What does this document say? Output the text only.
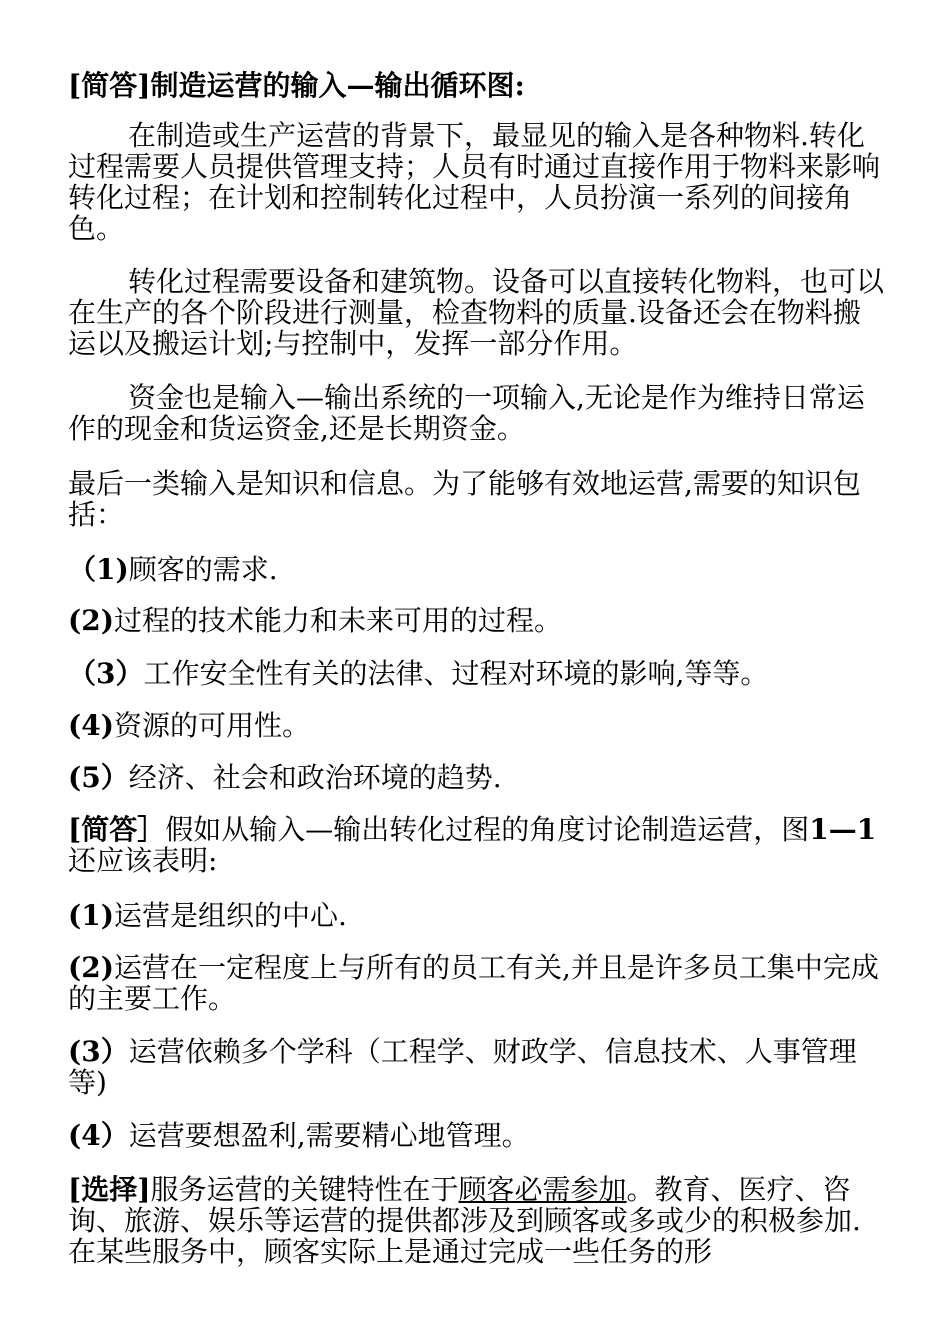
[简答]制造运营的输入—输出循环图:

在制造或生产运营的背景下，最显见的输入是各种物料.转化过程需要人员提供管理支持；人员有时通过直接作用于物料来影响转化过程；在计划和控制转化过程中，人员扮演一系列的间接角色。

转化过程需要设备和建筑物。设备可以直接转化物料，也可以在生产的各个阶段进行测量，检查物料的质量.设备还会在物料搬运以及搬运计划;与控制中，发挥一部分作用。

资金也是输入—输出系统的一项输入,无论是作为维持日常运作的现金和货运资金,还是长期资金。

最后一类输入是知识和信息。为了能够有效地运营,需要的知识包括：

（1)顾客的需求.

(2)过程的技术能力和未来可用的过程。

（3）工作安全性有关的法律、过程对环境的影响,等等。

(4)资源的可用性。

(5）经济、社会和政治环境的趋势.

[简答］假如从输入—输出转化过程的角度讨论制造运营，图1—1还应该表明:

(1)运营是组织的中心.

(2)运营在一定程度上与所有的员工有关,并且是许多员工集中完成的主要工作。

(3）运营依赖多个学科（工程学、财政学、信息技术、人事管理等)

(4）运营要想盈利,需要精心地管理。

[选择]服务运营的关键特性在于顾客必需参加。教育、医疗、咨询、旅游、娱乐等运营的提供都涉及到顾客或多或少的积极参加.在某些服务中，顾客实际上是通过完成一些任务的形
